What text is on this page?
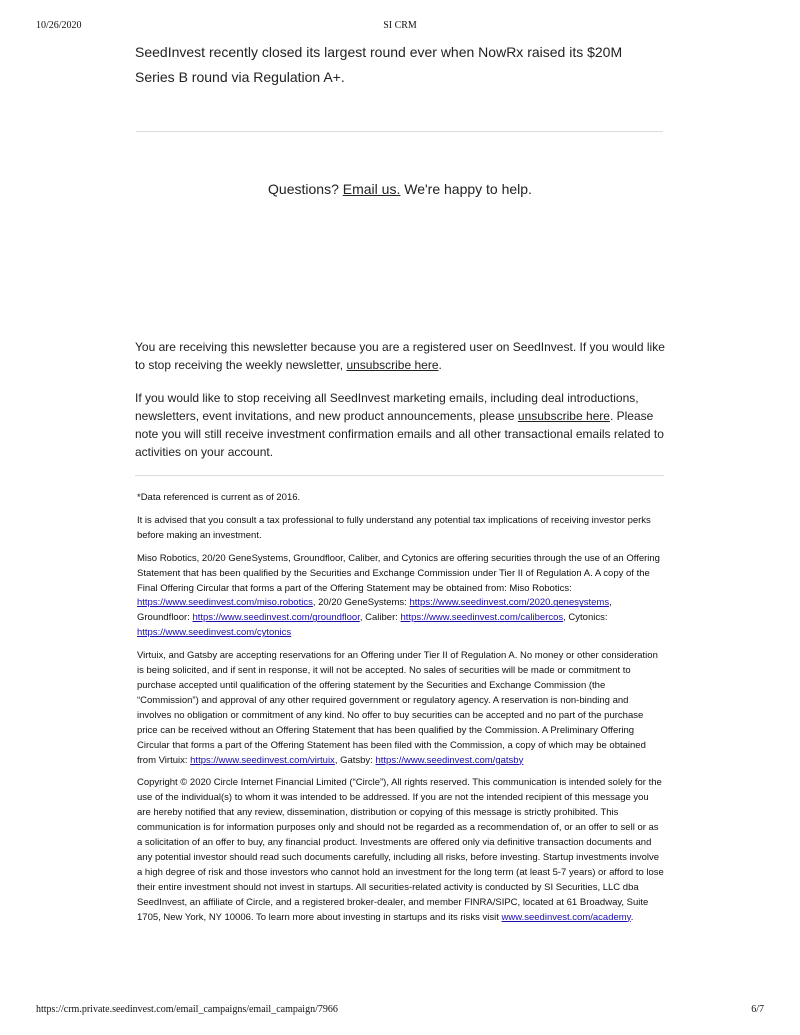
10/26/2020	SI CRM
SeedInvest recently closed its largest round ever when NowRx raised its $20M Series B round via Regulation A+.
Questions? Email us. We're happy to help.

You are receiving this newsletter because you are a registered user on SeedInvest. If you would like to stop receiving the weekly newsletter, unsubscribe here.

If you would like to stop receiving all SeedInvest marketing emails, including deal introductions, newsletters, event invitations, and new product announcements, please unsubscribe here. Please note you will still receive investment confirmation emails and all other transactional emails related to activities on your account.

*Data referenced is current as of 2016.

It is advised that you consult a tax professional to fully understand any potential tax implications of receiving investor perks before making an investment.

Miso Robotics, 20/20 GeneSystems, Groundfloor, Caliber, and Cytonics are offering securities through the use of an Offering Statement that has been qualified by the Securities and Exchange Commission under Tier II of Regulation A. A copy of the Final Offering Circular that forms a part of the Offering Statement may be obtained from: Miso Robotics: https://www.seedinvest.com/miso.robotics, 20/20 GeneSystems: https://www.seedinvest.com/2020.genesystems, Groundfloor: https://www.seedinvest.com/groundfloor, Caliber: https://www.seedinvest.com/calibercos, Cytonics: https://www.seedinvest.com/cytonics

Virtuix, and Gatsby are accepting reservations for an Offering under Tier II of Regulation A. No money or other consideration is being solicited, and if sent in response, it will not be accepted. No sales of securities will be made or commitment to purchase accepted until qualification of the offering statement by the Securities and Exchange Commission (the “Commission”) and approval of any other required government or regulatory agency. A reservation is non-binding and involves no obligation or commitment of any kind. No offer to buy securities can be accepted and no part of the purchase price can be received without an Offering Statement that has been qualified by the Commission. A Preliminary Offering Circular that forms a part of the Offering Statement has been filed with the Commission, a copy of which may be obtained from Virtuix: https://www.seedinvest.com/virtuix, Gatsby: https://www.seedinvest.com/gatsby

Copyright © 2020 Circle Internet Financial Limited (“Circle”), All rights reserved. This communication is intended solely for the use of the individual(s) to whom it was intended to be addressed. If you are not the intended recipient of this message you are hereby notified that any review, dissemination, distribution or copying of this message is strictly prohibited. This communication is for information purposes only and should not be regarded as a recommendation of, or an offer to sell or as a solicitation of an offer to buy, any financial product. Investments are offered only via definitive transaction documents and any potential investor should read such documents carefully, including all risks, before investing. Startup investments involve a high degree of risk and those investors who cannot hold an investment for the long term (at least 5-7 years) or afford to lose their entire investment should not invest in startups. All securities-related activity is conducted by SI Securities, LLC dba SeedInvest, an affiliate of Circle, and a registered broker-dealer, and member FINRA/SIPC, located at 61 Broadway, Suite 1705, New York, NY 10006. To learn more about investing in startups and its risks visit www.seedinvest.com/academy.

https://crm.private.seedinvest.com/email_campaigns/email_campaign/7966	6/7
